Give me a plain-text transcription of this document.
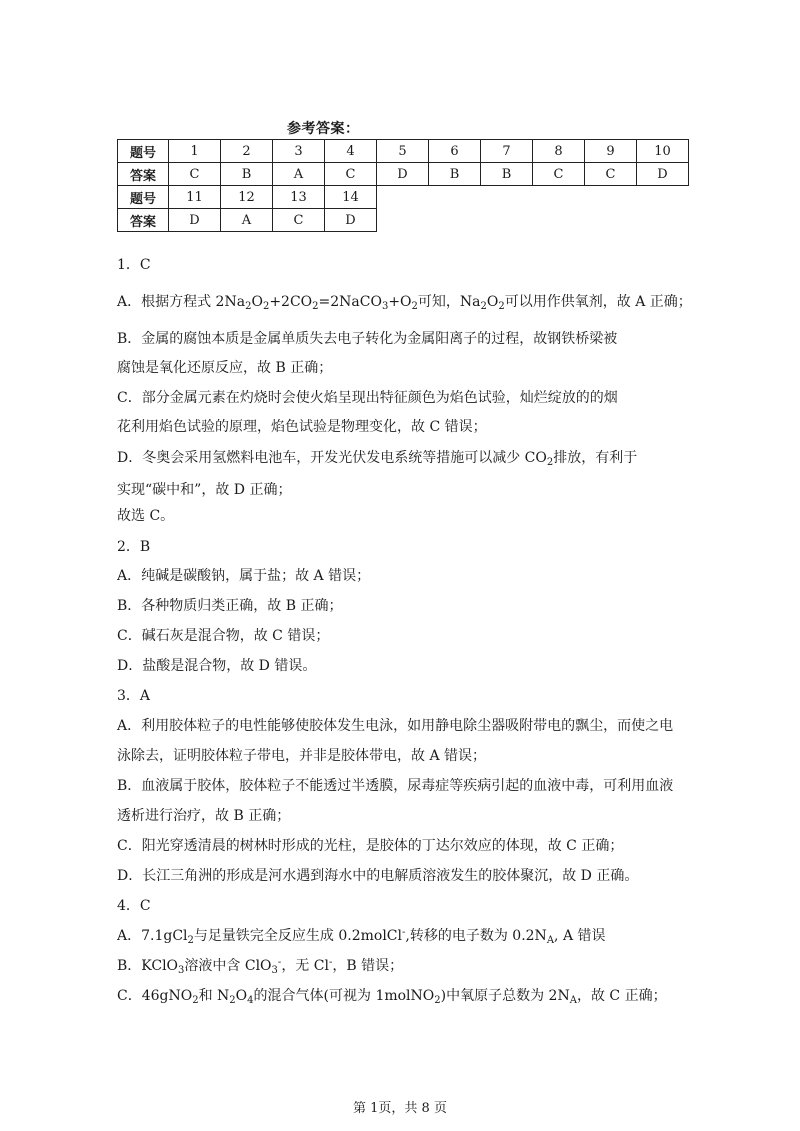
参考答案：
题号	1	2	3	4	5	6	7	8	9	10
答案	C	B	A	C	D	B	B	C	C	D
题号	11	12	13	14						
答案	D	A	C	D						
1．C
A．根据方程式 $2Na_2O_2+2CO_2=2NaCO_3+O_2$可知，$Na_2O_2$可以用作供氧剂，故 A 正确；
B．金属的腐蚀本质是金属单质失去电子转化为金属阳离子的过程，故钢铁桥梁被
腐蚀是氧化还原反应，故 B 正确；
C．部分金属元素在灼烧时会使火焰呈现出特征颜色为焰色试验，灿烂绽放的的烟
花利用焰色试验的原理，焰色试验是物理变化，故 C 错误；
D．冬奥会采用氢燃料电池车，开发光伏发电系统等措施可以减少 $CO_2$排放，有利于
实现“碳中和”，故 D 正确；
故选 C。
2．B
A．纯碱是碳酸钠，属于盐；故 A 错误；
B．各种物质归类正确，故 B 正确；
C．碱石灰是混合物，故 C 错误；
D．盐酸是混合物，故 D 错误。
3．A
A．利用胶体粒子的电性能够使胶体发生电泳，如用静电除尘器吸附带电的飘尘，而使之电
泳除去，证明胶体粒子带电，并非是胶体带电，故 A 错误；
B．血液属于胶体，胶体粒子不能透过半透膜，尿毒症等疾病引起的血液中毒，可利用血液
透析进行治疗，故 B 正确；
C．阳光穿透清晨的树林时形成的光柱，是胶体的丁达尔效应的体现，故 C 正确；
D．长江三角洲的形成是河水遇到海水中的电解质溶液发生的胶体聚沉，故 D 正确。
4．C
A．7.1gCl$_2$与足量铁完全反应生成 0.2molCl-,转移的电子数为 $0.2N_A$, A 错误
B．KClO$_3$溶液中含 ClO$_3$-，无 Cl-，B 错误；
C．46gNO$_2$和 $N_2O_4$的混合气体(可视为 1molNO$_2$)中氧原子总数为 $2N_A$，故 C 正确；
第 1页，共 8 页
